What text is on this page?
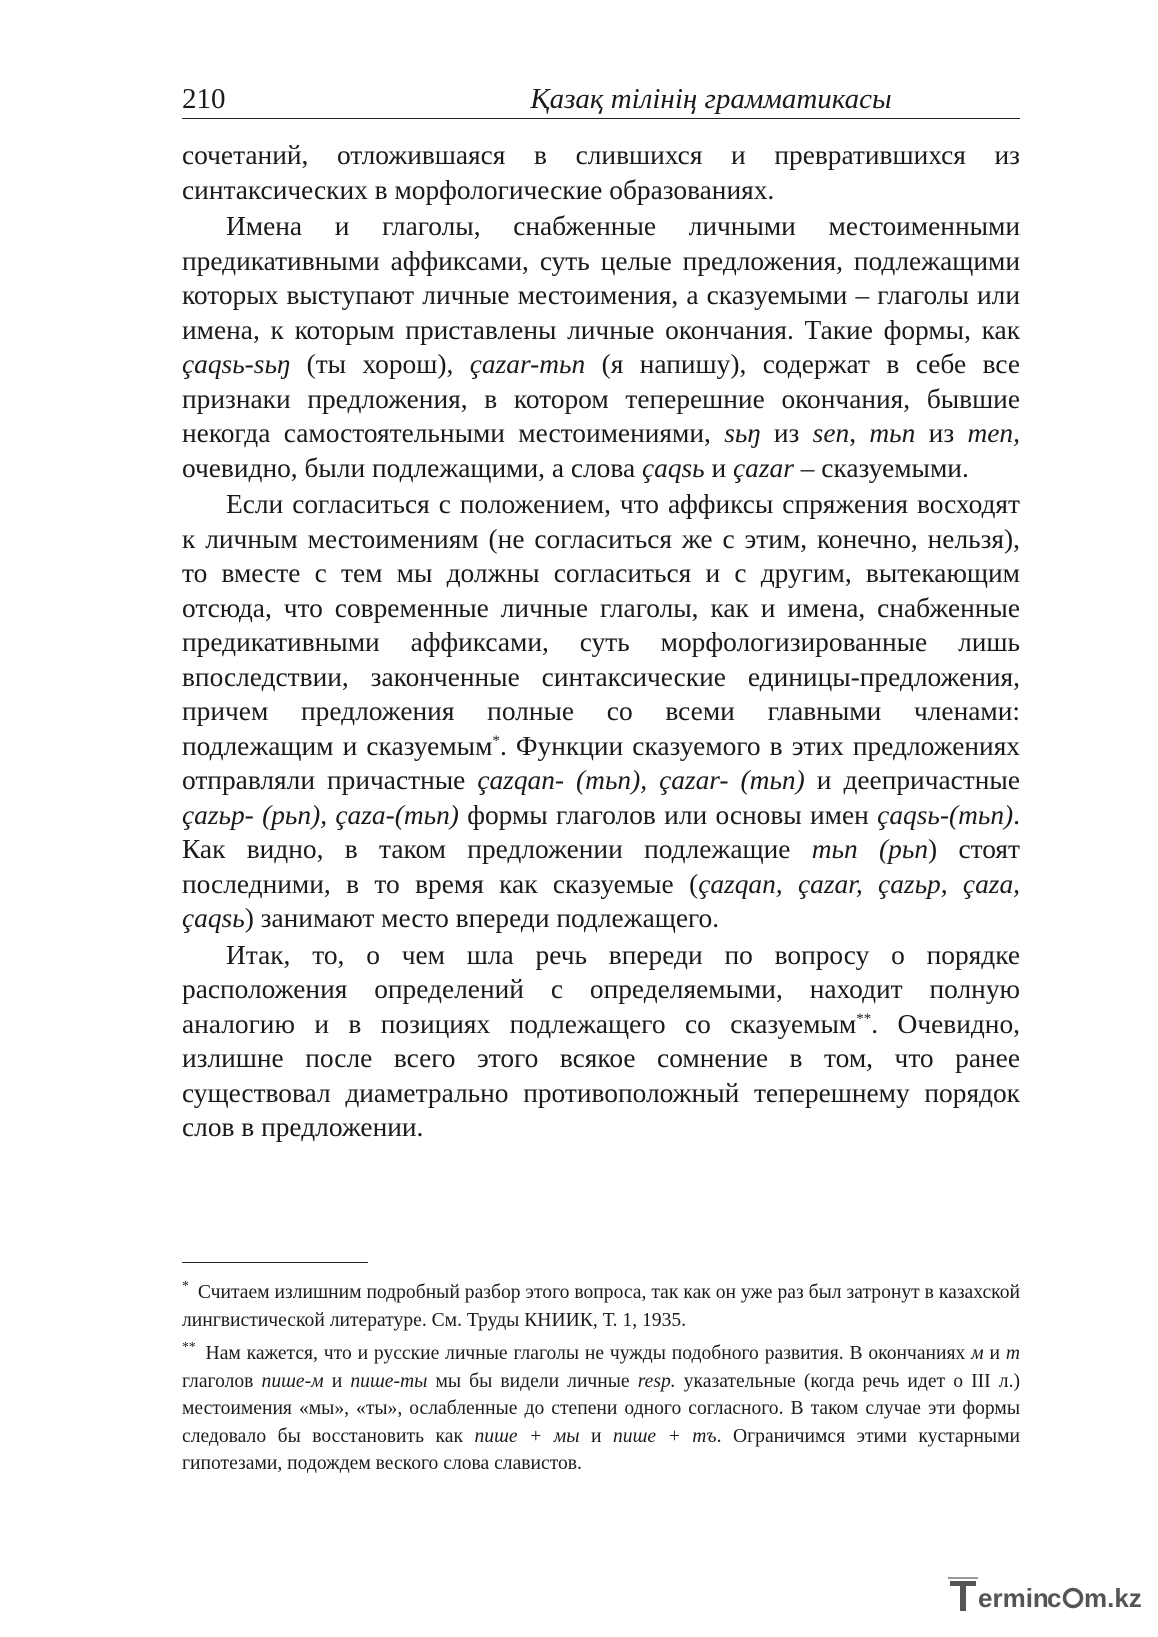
210	Қазақ тілінің грамматикасы

сочетаний, отложившаяся в слившихся и превратившихся из синтаксических в морфологические образованиях.

Имена и глаголы, снабженные личными местоименными предикативными аффиксами, суть целые предложения, подлежащими которых выступают личные местоимения, а сказуемыми – глаголы или имена, к которым приставлены личные окончания. Такие формы, как çaqsь-sьŋ (ты хорош), çazar-тьn (я напишу), содержат в себе все признаки предложения, в котором теперешние окончания, бывшие некогда самостоятельными местоимениями, sьŋ из sen, тьn из men, очевидно, были подлежащими, а слова çaqsь и çazar – сказуемыми.

Если согласиться с положением, что аффиксы спряжения восходят к личным местоимениям (не согласиться же с этим, конечно, нельзя), то вместе с тем мы должны согласиться и с другим, вытекающим отсюда, что современные личные глаголы, как и имена, снабженные предикативными аффиксами, суть морфологизированные лишь впоследствии, законченные синтаксические единицы-предложения, причем предложения полные со всеми главными членами: подлежащим и сказуемым*. Функции сказуемого в этих предложениях отправляли причастные çazqan- (тьn), çazar- (тьn) и деепричастные çazьр- (рьn), çaza-(тьn) формы глаголов или основы имен çaqsь-(тьn). Как видно, в таком предложении подлежащие тьn (рьn) стоят последними, в то время как сказуемые (çazqan, çazar, çazьр, çaza, çaqsь) занимают место впереди подлежащего.

Итак, то, о чем шла речь впереди по вопросу о порядке расположения определений с определяемыми, находит полную аналогию и в позициях подлежащего со сказуемым**. Очевидно, излишне после всего этого всякое сомнение в том, что ранее существовал диаметрально противоположный теперешнему порядок слов в предложении.

* Считаем излишним подробный разбор этого вопроса, так как он уже раз был затронут в казахской лингвистической литературе. См. Труды КНИИК, Т. 1, 1935.

** Нам кажется, что и русские личные глаголы не чужды подобного развития. В окончаниях м и т глаголов пише-м и пише-ты мы бы видели личные resp. указательные (когда речь идет о III л.) местоимения «мы», «ты», ослабленные до степени одного согласного. В таком случае эти формы следовало бы восстановить как пише + мы и пише + тъ. Ограничимся этими кустарными гипотезами, подождем веского слова славистов.

ermin
c m.kz
